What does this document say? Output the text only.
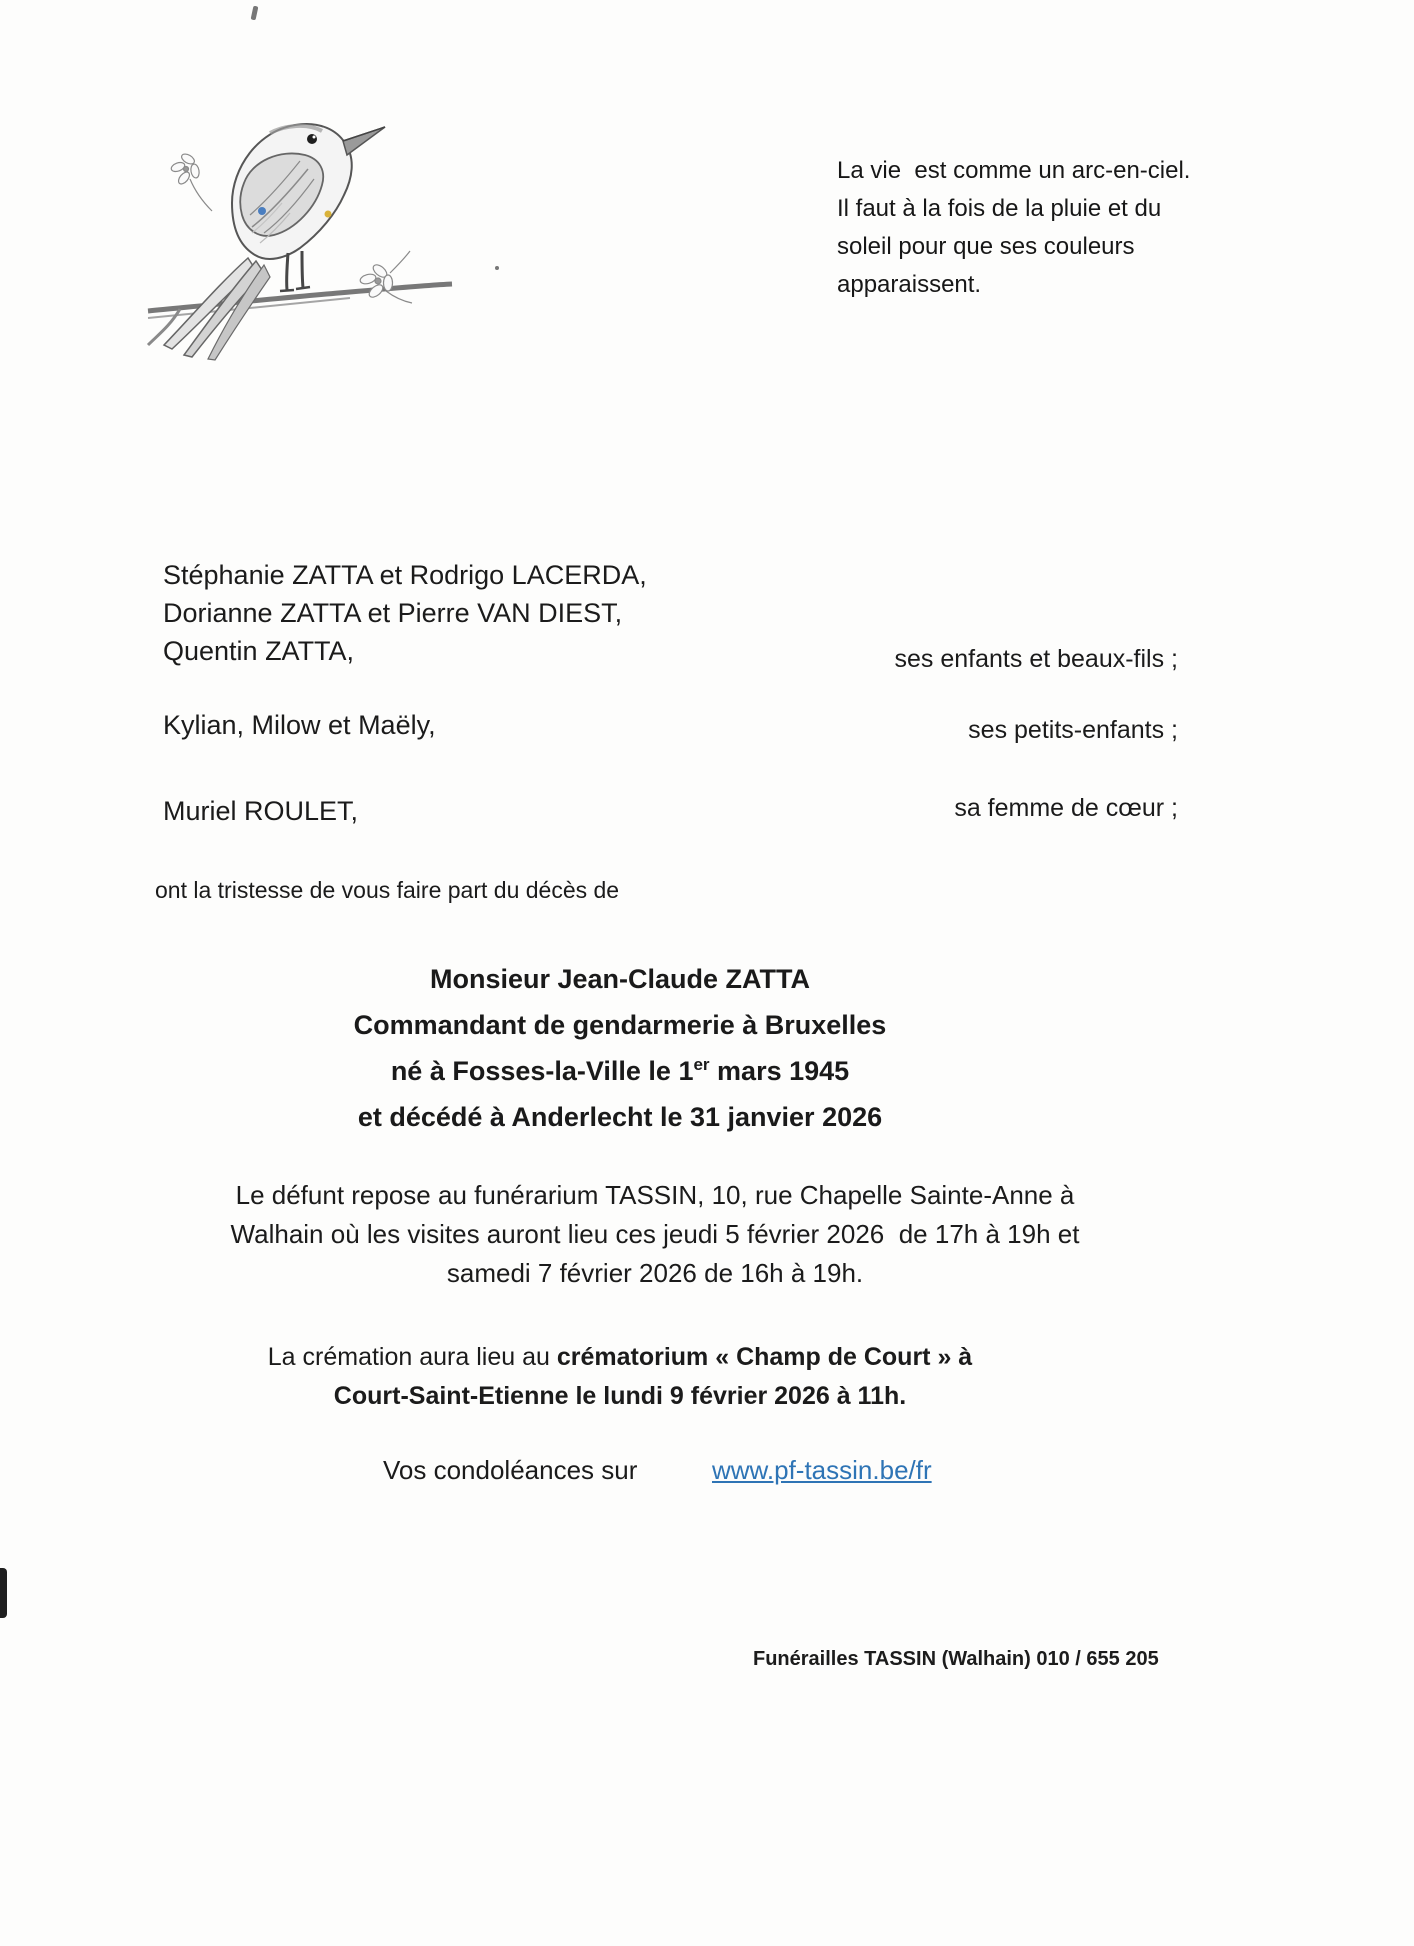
La vie  est comme un arc-en-ciel.
Il faut à la fois de la pluie et du
soleil pour que ses couleurs
apparaissent.
Stéphanie ZATTA et Rodrigo LACERDA,
Dorianne ZATTA et Pierre VAN DIEST,
Quentin ZATTA,	ses enfants et beaux-fils ;
Kylian, Milow et Maëly,	ses petits-enfants ;
Muriel ROULET,	sa femme de cœur ;
ont la tristesse de vous faire part du décès de
Monsieur Jean-Claude ZATTA
Commandant de gendarmerie à Bruxelles
né à Fosses-la-Ville le 1er mars 1945
et décédé à Anderlecht le 31 janvier 2026
Le défunt repose au funérarium TASSIN, 10, rue Chapelle Sainte-Anne à
Walhain où les visites auront lieu ces jeudi 5 février 2026  de 17h à 19h et
samedi 7 février 2026 de 16h à 19h.
La crémation aura lieu au crématorium « Champ de Court » à
Court-Saint-Etienne le lundi 9 février 2026 à 11h.
Vos condoléances sur	www.pf-tassin.be/fr
Funérailles TASSIN (Walhain) 010 / 655 205
